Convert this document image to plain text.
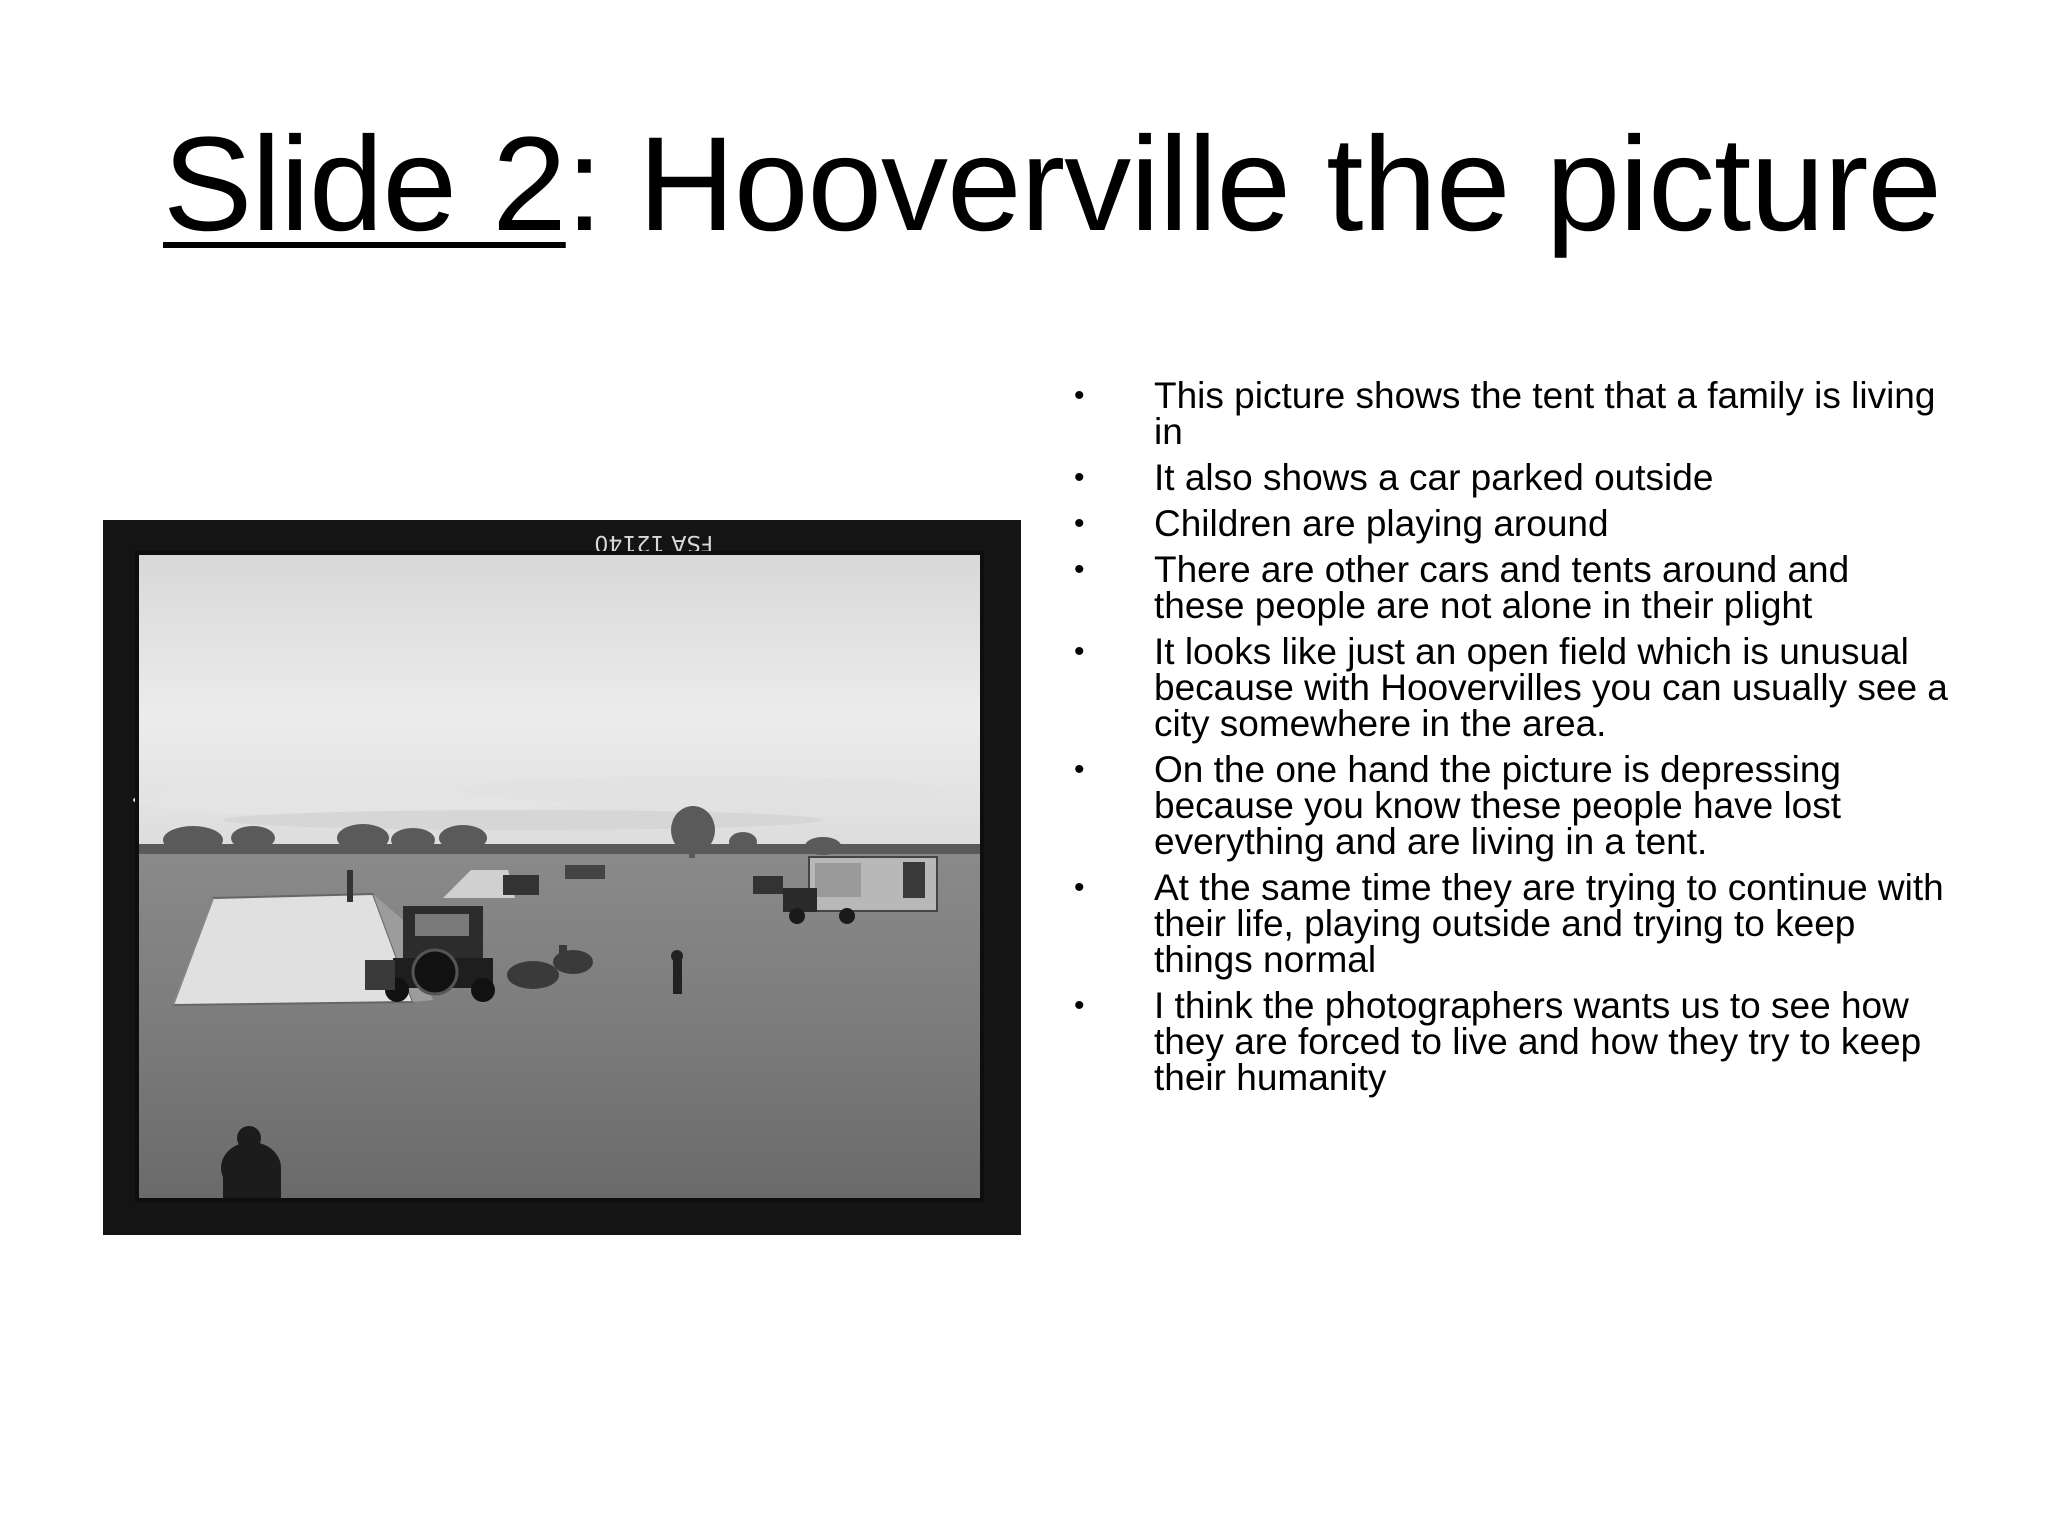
Slide 2: Hooverville the picture
FSA 12140
• This picture shows the tent that a family is living in
• It also shows a car parked outside
• Children are playing around
• There are other cars and tents around and these people are not alone in their plight
• It looks like just an open field which is unusual because with Hoovervilles you can usually see a city somewhere in the area.
• On the one hand the picture is depressing because you know these people have lost everything and are living in a tent.
• At the same time they are trying to continue with their life, playing outside and trying to keep things normal
• I think the photographers wants us to see how they are forced to live and how they try to keep their humanity
